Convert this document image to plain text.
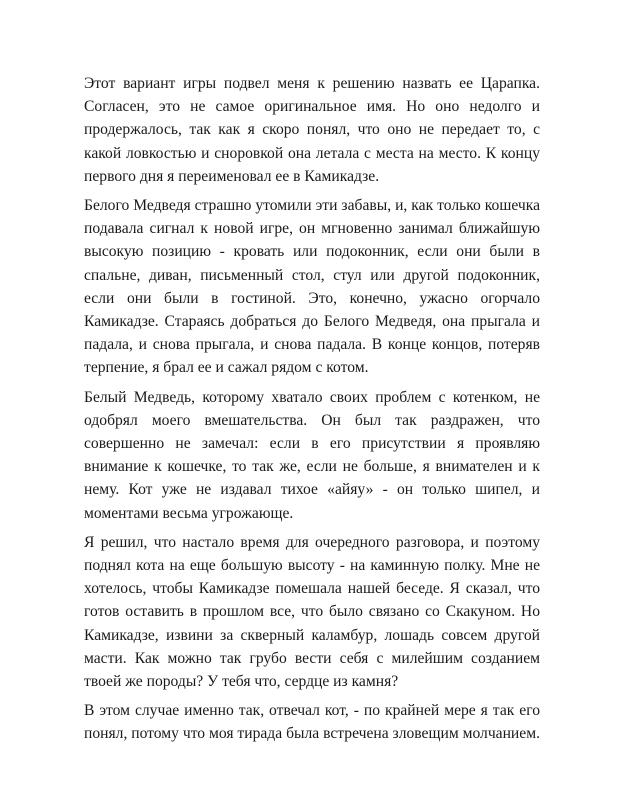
Этот вариант игры подвел меня к решению назвать ее Царапка. Согласен, это не самое оригинальное имя. Но оно недолго и продержалось, так как я скоро понял, что оно не передает то, с какой ловкостью и сноровкой она летала с места на место. К концу первого дня я переименовал ее в Камикадзе.

Белого Медведя страшно утомили эти забавы, и, как только кошечка подавала сигнал к новой игре, он мгновенно занимал ближайшую высокую позицию - кровать или подоконник, если они были в спальне, диван, письменный стол, стул или другой подоконник, если они были в гостиной. Это, конечно, ужасно огорчало Камикадзе. Стараясь добраться до Белого Медведя, она прыгала и падала, и снова прыгала, и снова падала. В конце концов, потеряв терпение, я брал ее и сажал рядом с котом.

Белый Медведь, которому хватало своих проблем с котенком, не одобрял моего вмешательства. Он был так раздражен, что совершенно не замечал: если в его присутствии я проявляю внимание к кошечке, то так же, если не больше, я внимателен и к нему. Кот уже не издавал тихое «айяу» - он только шипел, и моментами весьма угрожающе.

Я решил, что настало время для очередного разговора, и поэтому поднял кота на еще большую высоту - на каминную полку. Мне не хотелось, чтобы Камикадзе помешала нашей беседе. Я сказал, что готов оставить в прошлом все, что было связано со Скакуном. Но Камикадзе, извини за скверный каламбур, лошадь совсем другой масти. Как можно так грубо вести себя с милейшим созданием твоей же породы? У тебя что, сердце из камня?

В этом случае именно так, отвечал кот, - по крайней мере я так его понял, потому что моя тирада была встречена зловещим молчанием.
